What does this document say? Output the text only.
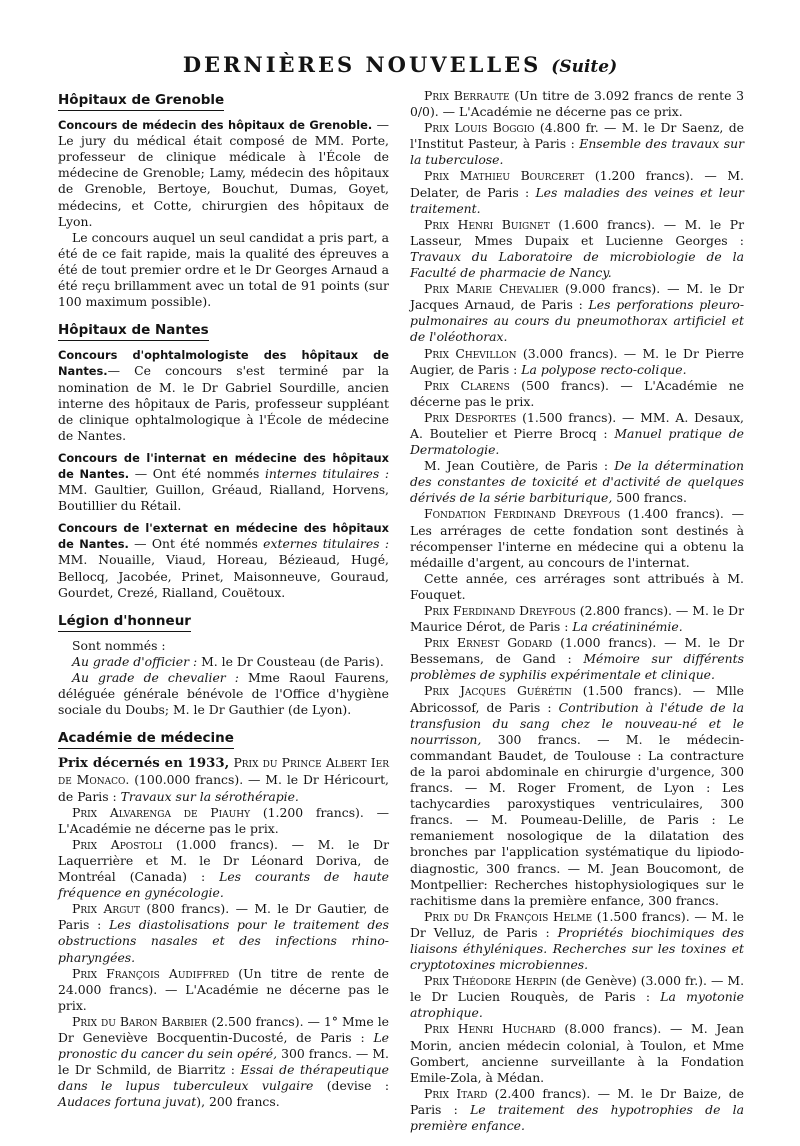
DERNIÈRES NOUVELLES (Suite)
Hôpitaux de Grenoble

Concours de médecin des hôpitaux de Grenoble. — Le jury du médical était composé de MM. Porte, professeur de clinique médicale à l'École de médecine de Grenoble; Lamy, médecin des hôpitaux de Grenoble, Bertoye, Bouchut, Dumas, Goyet, médecins, et Cotte, chirurgien des hôpitaux de Lyon.

Le concours auquel un seul candidat a pris part, a été de ce fait rapide, mais la qualité des épreuves a été de tout premier ordre et le Dr Georges Arnaud a été reçu brillamment avec un total de 91 points (sur 100 maximum possible).

Hôpitaux de Nantes

Concours d'ophtalmologiste des hôpitaux de Nantes.— Ce concours s'est terminé par la nomination de M. le Dr Gabriel Sourdille, ancien interne des hôpitaux de Paris, professeur suppléant de clinique ophtalmologique à l'École de médecine de Nantes.

Concours de l'internat en médecine des hôpitaux de Nantes. — Ont été nommés internes titulaires : MM. Gaultier, Guillon, Gréaud, Rialland, Horvens, Boutillier du Rétail.

Concours de l'externat en médecine des hôpitaux de Nantes. — Ont été nommés externes titulaires : MM. Nouaille, Viaud, Horeau, Bézieaud, Hugé, Bellocq, Jacobée, Prinet, Maisonneuve, Gouraud, Gourdet, Crezé, Rialland, Couëtoux.

Légion d'honneur

Sont nommés :

Au grade d'officier : M. le Dr Cousteau (de Paris).

Au grade de chevalier : Mme Raoul Faurens, déléguée générale bénévole de l'Office d'hygiène sociale du Doubs; M. le Dr Gauthier (de Lyon).

Académie de médecine

Prix décernés en 1933, Prix du Prince Albert Ier de Monaco. (100.000 francs). — M. le Dr Héricourt, de Paris : Travaux sur la sérothérapie.

Prix Alvarenga de Piauhy (1.200 francs). — L'Académie ne décerne pas le prix.

Prix Apostoli (1.000 francs). — M. le Dr Laquerrière et M. le Dr Léonard Doriva, de Montréal (Canada) : Les courants de haute fréquence en gynécologie.

Prix Argut (800 francs). — M. le Dr Gautier, de Paris : Les diastolisations pour le traitement des obstructions nasales et des infections rhino-pharyngées.

Prix François Audiffred (Un titre de rente de 24.000 francs). — L'Académie ne décerne pas le prix.

Prix du Baron Barbier (2.500 francs). — 1° Mme le Dr Geneviève Bocquentin-Ducosté, de Paris : Le pronostic du cancer du sein opéré, 300 francs. — M. le Dr Schmild, de Biarritz : Essai de thérapeutique dans le lupus tuberculeux vulgaire (devise : Audaces fortuna juvat), 200 francs.

Prix Berraute (Un titre de 3.092 francs de rente 3 0/0). — L'Académie ne décerne pas ce prix.

Prix Louis Boggio (4.800 fr. — M. le Dr Saenz, de l'Institut Pasteur, à Paris : Ensemble des travaux sur la tuberculose.

Prix Mathieu Bourceret (1.200 francs). — M. Delater, de Paris : Les maladies des veines et leur traitement.

Prix Henri Buignet (1.600 francs). — M. le Pr Lasseur, Mmes Dupaix et Lucienne Georges : Travaux du Laboratoire de microbiologie de la Faculté de pharmacie de Nancy.

Prix Marie Chevalier (9.000 francs). — M. le Dr Jacques Arnaud, de Paris : Les perforations pleuro-pulmonaires au cours du pneumothorax artificiel et de l'oléothorax.

Prix Chevillon (3.000 francs). — M. le Dr Pierre Augier, de Paris : La polypose recto-colique.

Prix Clarens (500 francs). — L'Académie ne décerne pas le prix.

Prix Desportes (1.500 francs). — MM. A. Desaux, A. Boutelier et Pierre Brocq : Manuel pratique de Dermatologie.

M. Jean Coutière, de Paris : De la détermination des constantes de toxicité et d'activité de quelques dérivés de la série barbiturique, 500 francs.

Fondation Ferdinand Dreyfous (1.400 francs). — Les arrérages de cette fondation sont destinés à récompenser l'interne en médecine qui a obtenu la médaille d'argent, au concours de l'internat.

Cette année, ces arrérages sont attribués à M. Fouquet.

Prix Ferdinand Dreyfous (2.800 francs). — M. le Dr Maurice Dérot, de Paris : La créatininémie.

Prix Ernest Godard (1.000 francs). — M. le Dr Bessemans, de Gand : Mémoire sur différents problèmes de syphilis expérimentale et clinique.

Prix Jacques Guérétin (1.500 francs). — Mlle Abricossof, de Paris : Contribution à l'étude de la transfusion du sang chez le nouveau-né et le nourrisson, 300 francs. — M. le médecin-commandant Baudet, de Toulouse : La contracture de la paroi abdominale en chirurgie d'urgence, 300 francs. — M. Roger Froment, de Lyon : Les tachycardies paroxystiques ventriculaires, 300 francs. — M. Poumeau-Delille, de Paris : Le remaniement nosologique de la dilatation des bronches par l'application systématique du lipiodo-diagnostic, 300 francs. — M. Jean Boucomont, de Montpellier: Recherches histophysiologiques sur le rachitisme dans la première enfance, 300 francs.

Prix du Dr François Helme (1.500 francs). — M. le Dr Velluz, de Paris : Propriétés biochimiques des liaisons éthyléniques. Recherches sur les toxines et cryptotoxines microbiennes.

Prix Théodore Herpin (de Genève) (3.000 fr.). — M. le Dr Lucien Rouquès, de Paris : La myotonie atrophique.

Prix Henri Huchard (8.000 francs). — M. Jean Morin, ancien médecin colonial, à Toulon, et Mme Gombert, ancienne surveillante à la Fondation Emile-Zola, à Médan.

Prix Itard (2.400 francs). — M. le Dr Baize, de Paris : Le traitement des hypotrophies de la première enfance.
